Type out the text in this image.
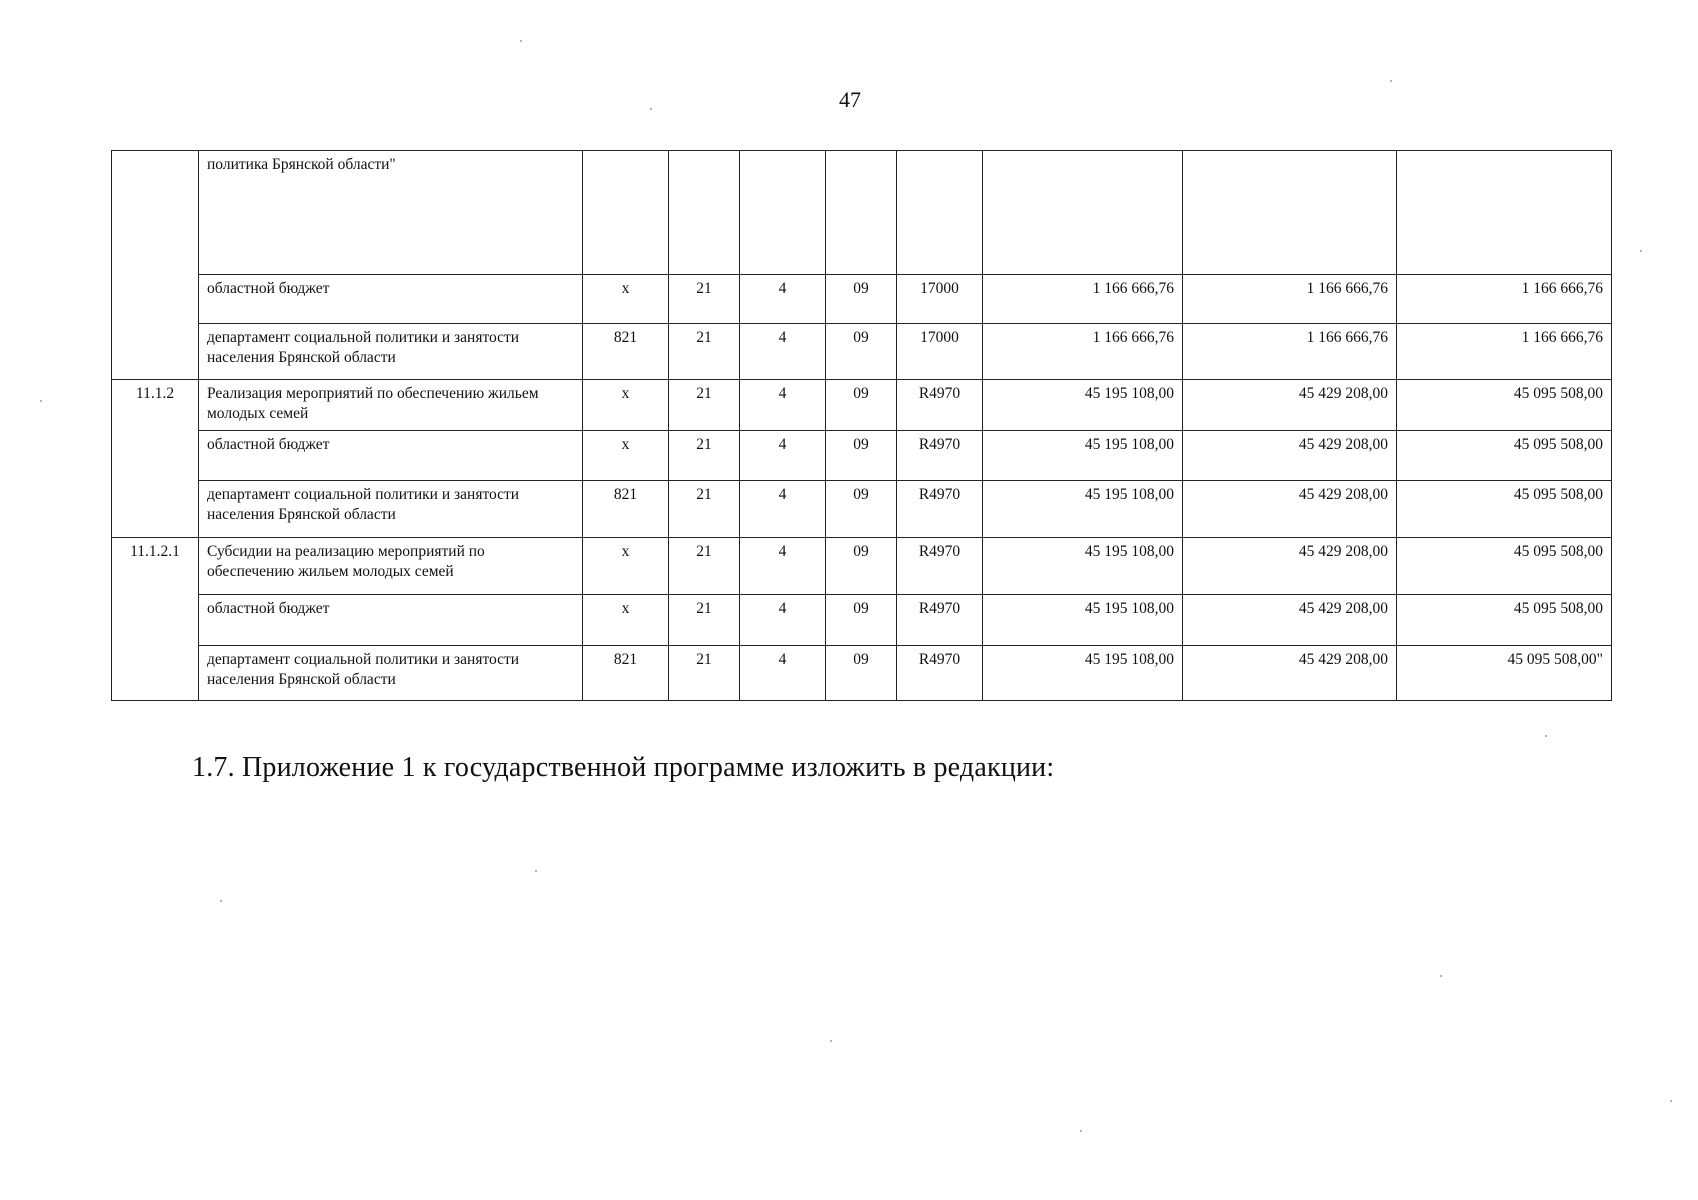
47
	политика Брянской области"								
	областной бюджет	х	21	4	09	17000	1 166 666,76	1 166 666,76	1 166 666,76
	департамент социальной политики и занятости населения Брянской области	821	21	4	09	17000	1 166 666,76	1 166 666,76	1 166 666,76
11.1.2	Реализация мероприятий по обеспечению жильем молодых семей	х	21	4	09	R4970	45 195 108,00	45 429 208,00	45 095 508,00
	областной бюджет	х	21	4	09	R4970	45 195 108,00	45 429 208,00	45 095 508,00
	департамент социальной политики и занятости населения Брянской области	821	21	4	09	R4970	45 195 108,00	45 429 208,00	45 095 508,00
11.1.2.1	Субсидии на реализацию мероприятий по обеспечению жильем молодых семей	х	21	4	09	R4970	45 195 108,00	45 429 208,00	45 095 508,00
	областной бюджет	х	21	4	09	R4970	45 195 108,00	45 429 208,00	45 095 508,00
	департамент социальной политики и занятости населения Брянской области	821	21	4	09	R4970	45 195 108,00	45 429 208,00	45 095 508,00"
1.7. Приложение 1 к государственной программе изложить в редакции:
